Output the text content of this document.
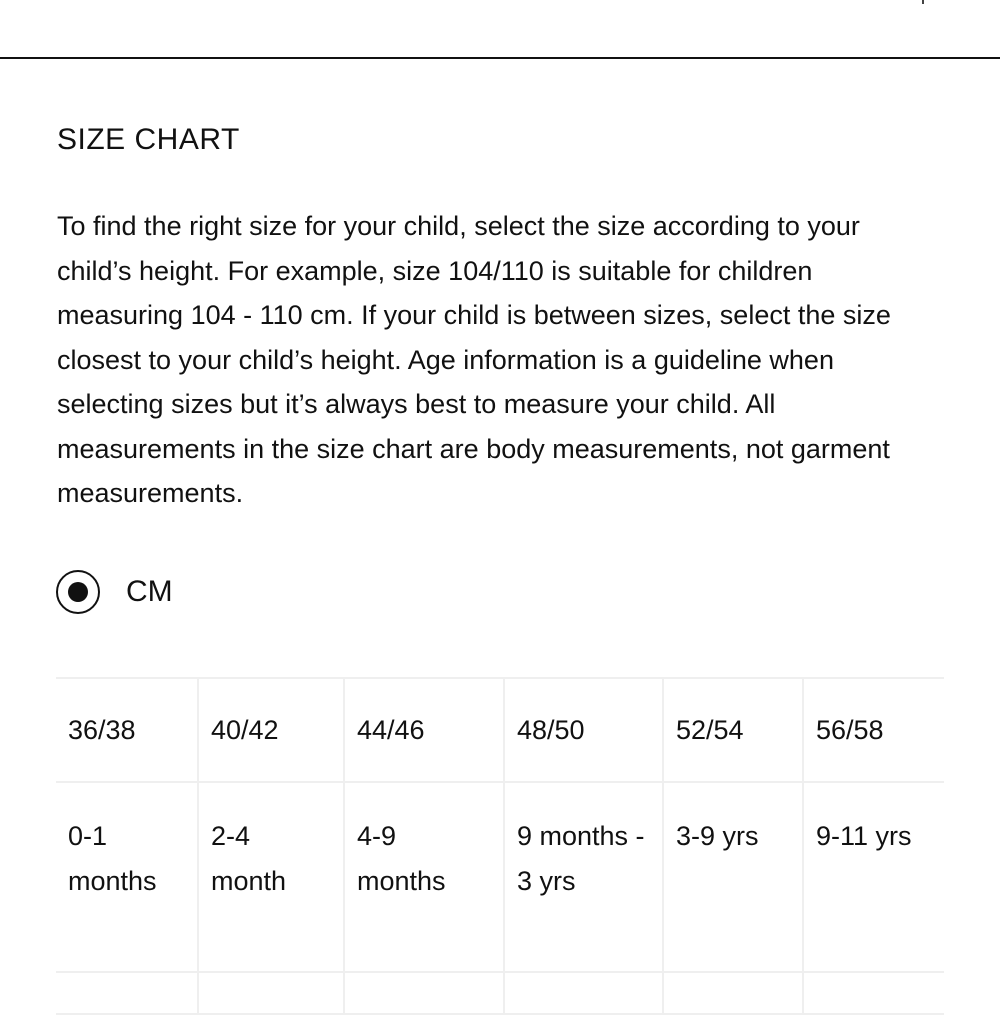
SIZE CHART

To find the right size for your child, select the size according to your child’s height. For example, size 104/110 is suitable for children measuring 104 - 110 cm. If your child is between sizes, select the size closest to your child’s height. Age information is a guideline when selecting sizes but it’s always best to measure your child. All measurements in the size chart are body measurements, not garment measurements.

CM
36/38	40/42	44/46	48/50	52/54	56/58

0-1 months	2-4 month	4-9 months	9 months - 3 yrs	3-9 yrs	9-11 yrs
